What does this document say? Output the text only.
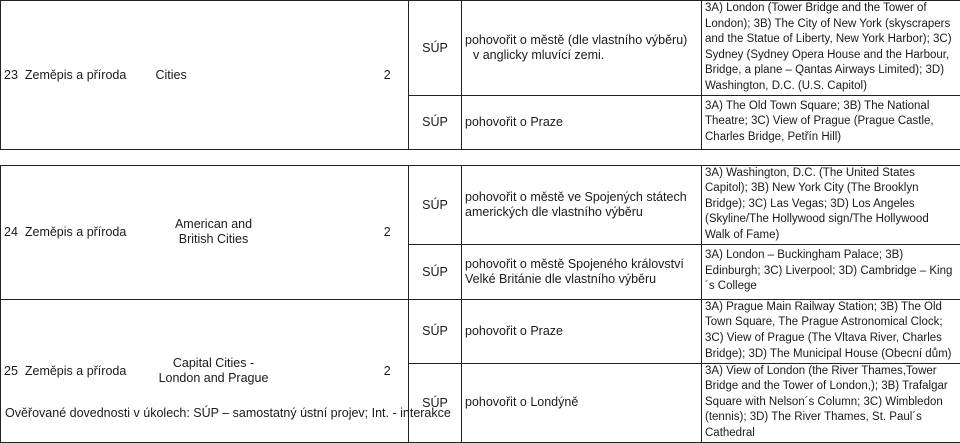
23 Zeměpis a příroda	Cities		2	SÚP	pohovořit o městě (dle vlastního výběru)

v anglicky mluvící zemi.	3A) London (Tower Bridge and the Tower of London); 3B) The City of New York (skyscrapers and the Statue of Liberty, New York Harbor); 3C) Sydney (Sydney Opera House and the Harbour, Bridge, a plane – Qantas Airways Limited); 3D) Washington, D.C. (U.S. Capitol)
				SÚP	pohovořit o Praze	3A) The Old Town Square; 3B) The National Theatre; 3C) View of Prague (Prague Castle, Charles Bridge, Petřín Hill)

24 Zeměpis a příroda	American and
British Cities		2	SÚP	pohovořit o městě ve Spojených státech amerických dle vlastního výběru	3A) Washington, D.C. (The United States Capitol); 3B) New York City (The Brooklyn Bridge); 3C) Las Vegas; 3D) Los Angeles (Skyline/The Hollywood sign/The Hollywood Walk of Fame)
				SÚP	pohovořit o městě Spojeného království Velké Británie dle vlastního výběru	3A) London – Buckingham Palace; 3B) Edinburgh; 3C) Liverpool; 3D) Cambridge – King´s College
25 Zeměpis a příroda	Capital Cities -
London and Prague		2	SÚP	pohovořit o Praze	3A) Prague Main Railway Station; 3B) The Old Town Square, The Prague Astronomical Clock; 3C) View of Prague (The Vltava River, Charles Bridge); 3D) The Municipal House (Obecní dům)
				SÚP	pohovořit o Londýně	3A) View of London (the River Thames,Tower Bridge and the Tower of London,); 3B) Trafalgar Square with Nelson´s Column; 3C) Wimbledon (tennis); 3D) The River Thames, St. Paul´s Cathedral
Ověřované dovednosti v úkolech: SÚP – samostatný ústní projev; Int. - interakce
